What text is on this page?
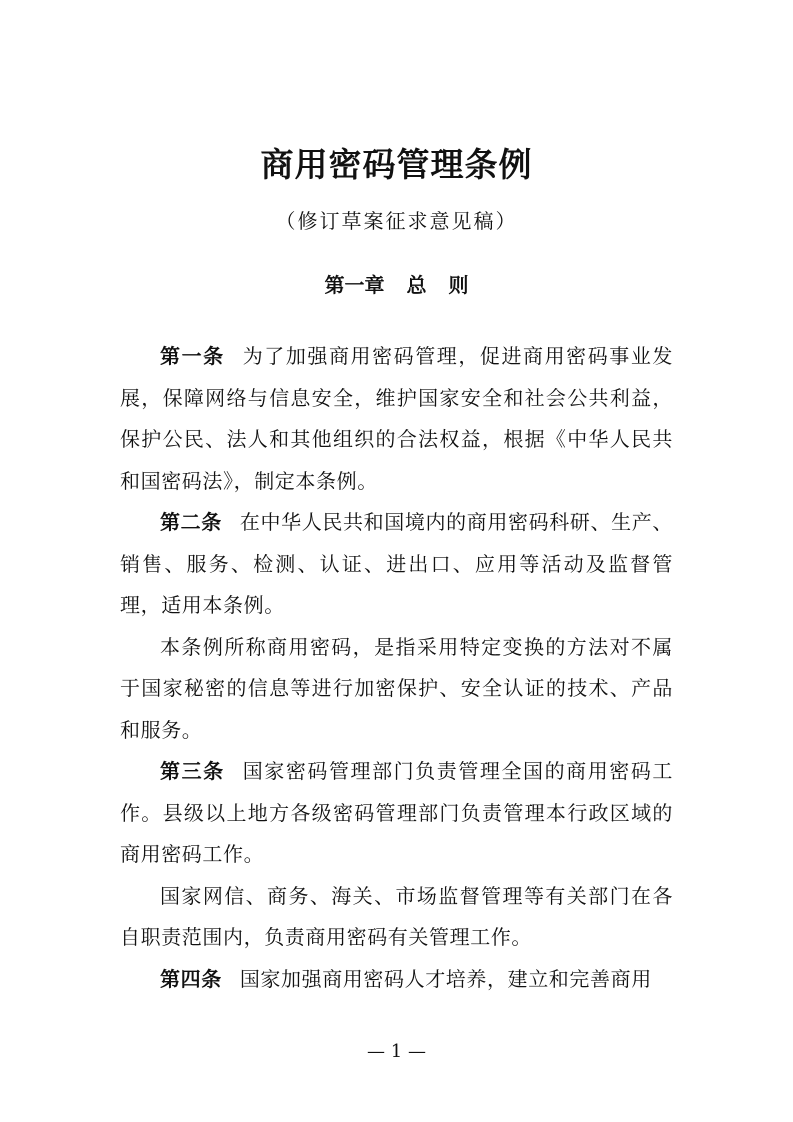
商用密码管理条例

（修订草案征求意见稿）

第一章 总 则

第一条 为了加强商用密码管理，促进商用密码事业发展，保障网络与信息安全，维护国家安全和社会公共利益，保护公民、法人和其他组织的合法权益，根据《中华人民共和国密码法》，制定本条例。

第二条 在中华人民共和国境内的商用密码科研、生产、销售、服务、检测、认证、进出口、应用等活动及监督管理，适用本条例。

本条例所称商用密码，是指采用特定变换的方法对不属于国家秘密的信息等进行加密保护、安全认证的技术、产品和服务。

第三条 国家密码管理部门负责管理全国的商用密码工作。县级以上地方各级密码管理部门负责管理本行政区域的商用密码工作。

国家网信、商务、海关、市场监督管理等有关部门在各自职责范围内，负责商用密码有关管理工作。

第四条 国家加强商用密码人才培养，建立和完善商用

— 1 —
